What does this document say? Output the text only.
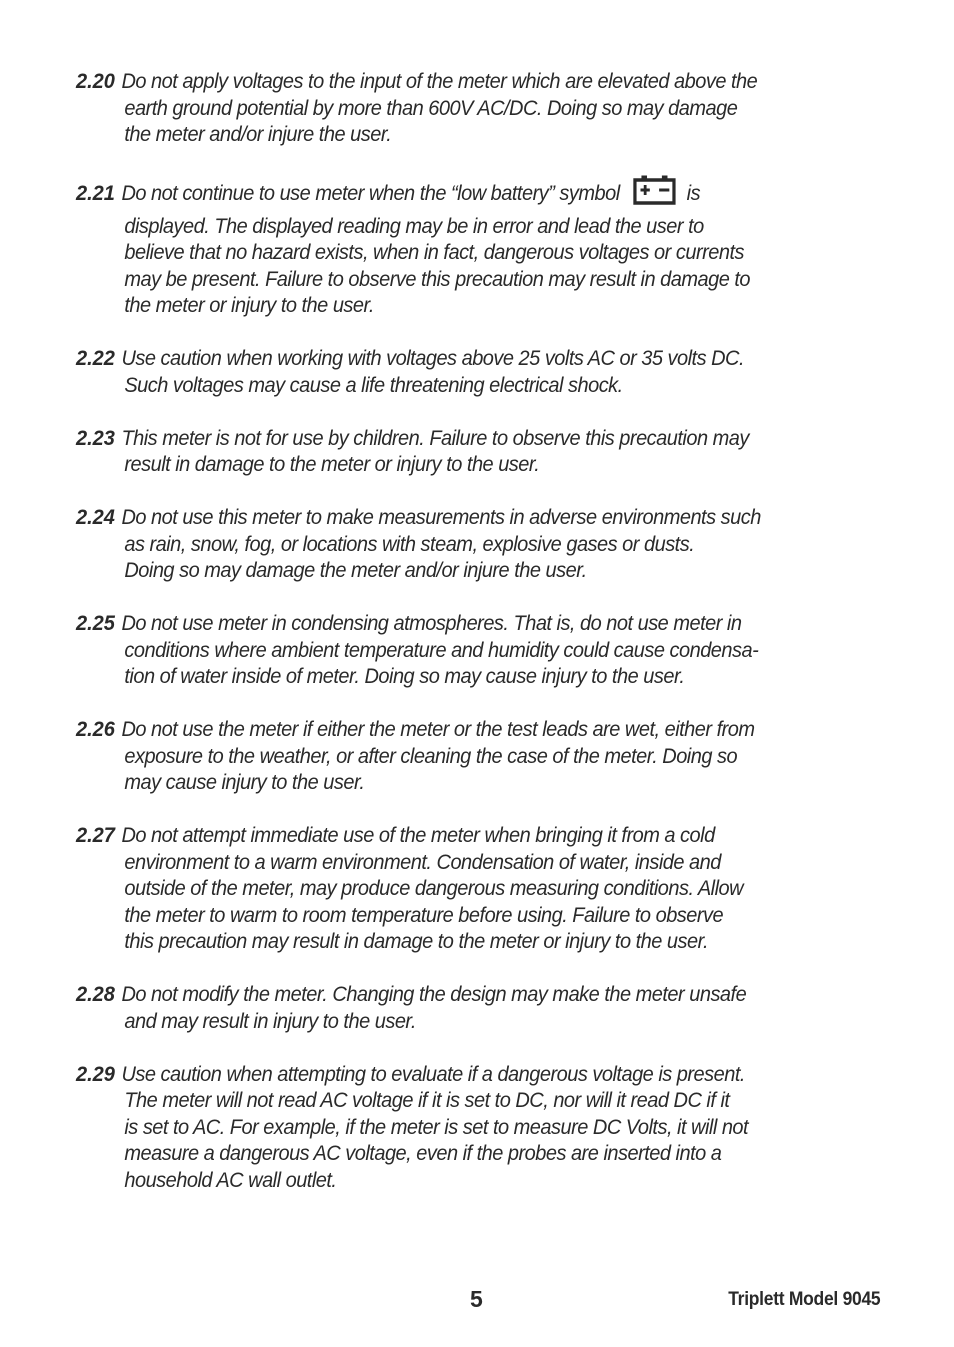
2.20 Do not apply voltages to the input of the meter which are elevated above the
earth ground potential by more than 600V AC/DC. Doing so may damage
the meter and/or injure the user.
2.21 Do not continue to use meter when the “low battery” symbol	is
displayed. The displayed reading may be in error and lead the user to
believe that no hazard exists, when in fact, dangerous voltages or currents
may be present. Failure to observe this precaution may result in damage to
the meter or injury to the user.
2.22 Use caution when working with voltages above 25 volts AC or 35 volts DC.
Such voltages may cause a life threatening electrical shock.
2.23 This meter is not for use by children. Failure to observe this precaution may
result in damage to the meter or injury to the user.
2.24 Do not use this meter to make measurements in adverse environments such
as rain, snow, fog, or locations with steam, explosive gases or dusts.
Doing so may damage the meter and/or injure the user.
2.25 Do not use meter in condensing atmospheres. That is, do not use meter in
conditions where ambient temperature and humidity could cause condensa-
tion of water inside of meter. Doing so may cause injury to the user.
2.26 Do not use the meter if either the meter or the test leads are wet, either from
exposure to the weather, or after cleaning the case of the meter. Doing so
may cause injury to the user.
2.27 Do not attempt immediate use of the meter when bringing it from a cold
environment to a warm environment. Condensation of water, inside and
outside of the meter, may produce dangerous measuring conditions. Allow
the meter to warm to room temperature before using. Failure to observe
this precaution may result in damage to the meter or injury to the user.
2.28 Do not modify the meter. Changing the design may make the meter unsafe
and may result in injury to the user.
2.29 Use caution when attempting to evaluate if a dangerous voltage is present.
The meter will not read AC voltage if it is set to DC, nor will it read DC if it
is set to AC. For example, if the meter is set to measure DC Volts, it will not
measure a dangerous AC voltage, even if the probes are inserted into a
household AC wall outlet.
5	Triplett Model 9045
